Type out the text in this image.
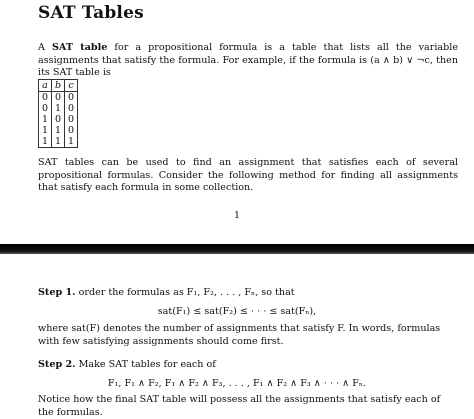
SAT Tables
A SAT table for a propositional formula is a table that lists all the variable assignments that satisfy the formula. For example, if the formula is (a ∧ b) ∨ ¬c, then its SAT table is
a	b	c
0	0	0
0	1	0
1	0	0
1	1	0
1	1	1
SAT tables can be used to find an assignment that satisfies each of several propositional formulas. Consider the following method for finding all assignments that satisfy each formula in some collection.
1
Step 1. order the formulas as F₁, F₂, . . . , Fₙ, so that
sat(F₁) ≤ sat(F₂) ≤ · · · ≤ sat(Fₙ),
where sat(F) denotes the number of assignments that satisfy F. In words, formulas with few satisfying assignments should come first.
Step 2. Make SAT tables for each of
F₁, F₁ ∧ F₂, F₁ ∧ F₂ ∧ F₃, . . . , F₁ ∧ F₂ ∧ F₃ ∧ · · · ∧ Fₙ.
Notice how the final SAT table will possess all the assignments that satisfy each of the formulas.
